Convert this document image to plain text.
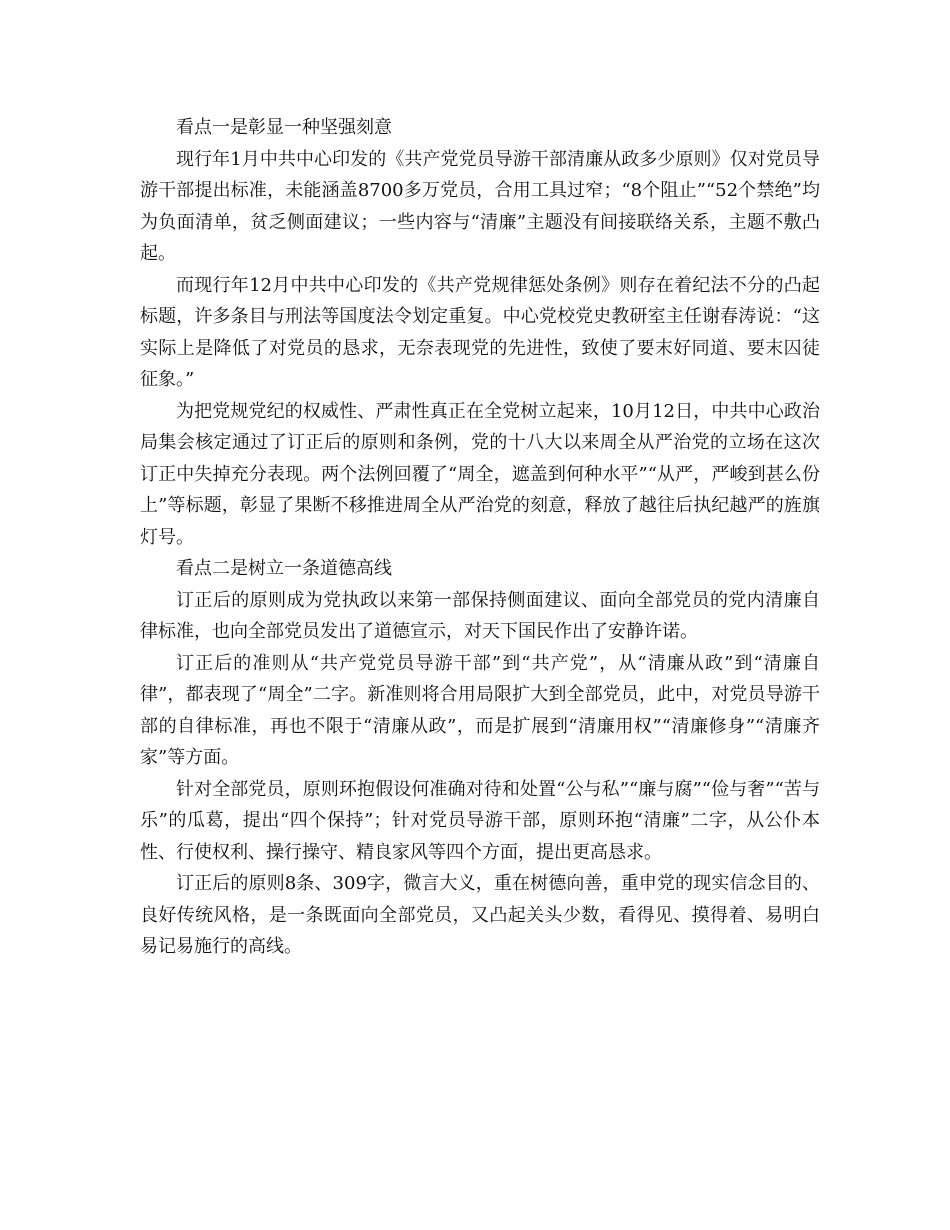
看点一是彰显一种坚强刻意

现行年1月中共中心印发的《共产党党员导游干部清廉从政多少原则》仅对党员导游干部提出标准，未能涵盖8700多万党员，合用工具过窄；“8个阻止”“52个禁绝”均为负面清单，贫乏侧面建议；一些内容与“清廉”主题没有间接联络关系，主题不敷凸起。

而现行年12月中共中心印发的《共产党规律惩处条例》则存在着纪法不分的凸起标题，许多条目与刑法等国度法令划定重复。中心党校党史教研室主任谢春涛说：“这实际上是降低了对党员的恳求，无奈表现党的先进性，致使了要末好同道、要末囚徒征象。”

为把党规党纪的权威性、严肃性真正在全党树立起来，10月12日，中共中心政治局集会核定通过了订正后的原则和条例，党的十八大以来周全从严治党的立场在这次订正中失掉充分表现。两个法例回覆了“周全，遮盖到何种水平”“从严，严峻到甚么份上”等标题，彰显了果断不移推进周全从严治党的刻意，释放了越往后执纪越严的旌旗灯号。

看点二是树立一条道德高线

订正后的原则成为党执政以来第一部保持侧面建议、面向全部党员的党内清廉自律标准，也向全部党员发出了道德宣示，对天下国民作出了安静许诺。

订正后的准则从“共产党党员导游干部”到“共产党”，从“清廉从政”到“清廉自律”，都表现了“周全”二字。新准则将合用局限扩大到全部党员，此中，对党员导游干部的自律标准，再也不限于“清廉从政”，而是扩展到“清廉用权”“清廉修身”“清廉齐家”等方面。

针对全部党员，原则环抱假设何准确对待和处置“公与私”“廉与腐”“俭与奢”“苦与乐”的瓜葛，提出“四个保持”；针对党员导游干部，原则环抱“清廉”二字，从公仆本性、行使权利、操行操守、精良家风等四个方面，提出更高恳求。

订正后的原则8条、309字，微言大义，重在树德向善，重申党的现实信念目的、良好传统风格，是一条既面向全部党员，又凸起关头少数，看得见、摸得着、易明白易记易施行的高线。
